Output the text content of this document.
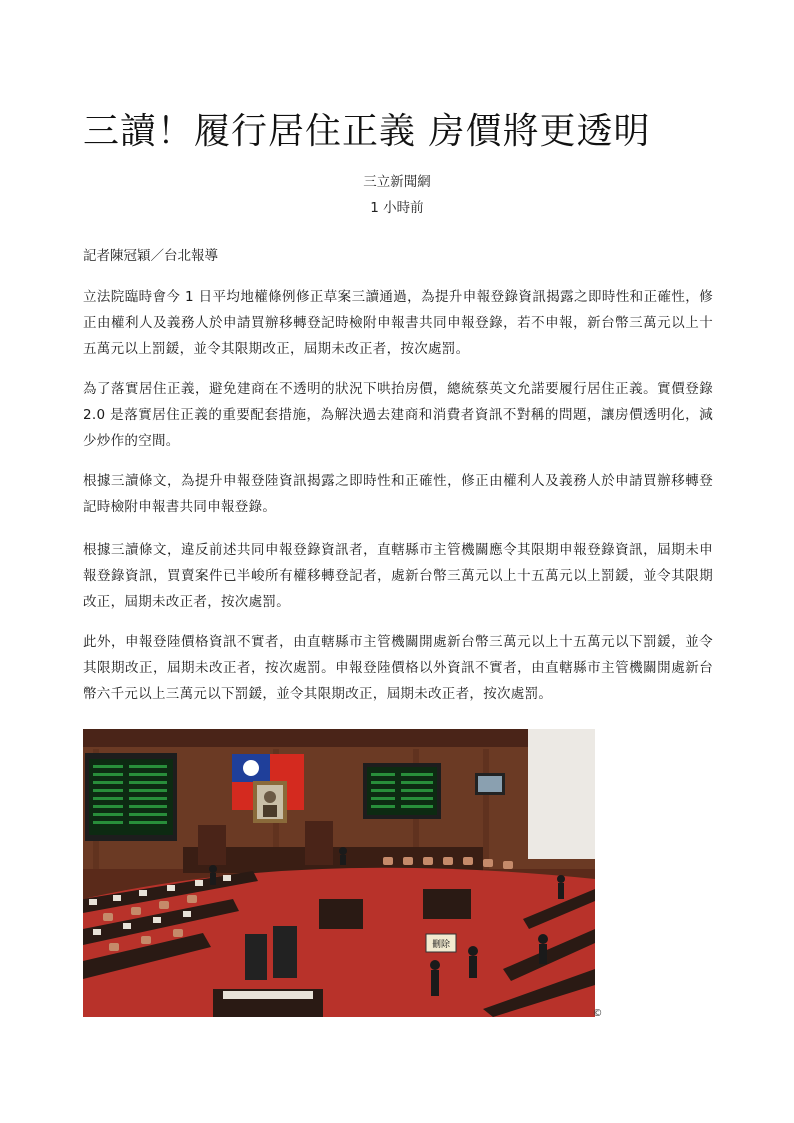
三讀！履行居住正義 房價將更透明
三立新聞網
1 小時前
記者陳冠穎／台北報導

立法院臨時會今 1 日平均地權條例修正草案三讀通過，為提升申報登錄資訊揭露之即時性和正確性，修正由權利人及義務人於申請買辦移轉登記時檢附申報書共同申報登錄，若不申報，新台幣三萬元以上十五萬元以上罰鍰，並令其限期改正，屆期未改正者，按次處罰。

為了落實居住正義，避免建商在不透明的狀況下哄抬房價，總統蔡英文允諾要履行居住正義。實價登錄 2.0 是落實居住正義的重要配套措施，為解決過去建商和消費者資訊不對稱的問題，讓房價透明化，減少炒作的空間。

根據三讀條文，為提升申報登陸資訊揭露之即時性和正確性，修正由權利人及義務人於申請買辦移轉登記時檢附申報書共同申報登錄。

根據三讀條文，違反前述共同申報登錄資訊者，直轄縣市主管機關應令其限期申報登錄資訊，屆期未申報登錄資訊，買賣案件已半峻所有權移轉登記者，處新台幣三萬元以上十五萬元以上罰鍰，並令其限期改正，屆期未改正者，按次處罰。

此外，申報登陸價格資訊不實者，由直轄縣市主管機關開處新台幣三萬元以上十五萬元以下罰鍰，並令其限期改正，屆期未改正者，按次處罰。申報登陸價格以外資訊不實者，由直轄縣市主管機關開處新台幣六千元以上三萬元以下罰鍰，並令其限期改正，屆期未改正者，按次處罰。

刪除
©
